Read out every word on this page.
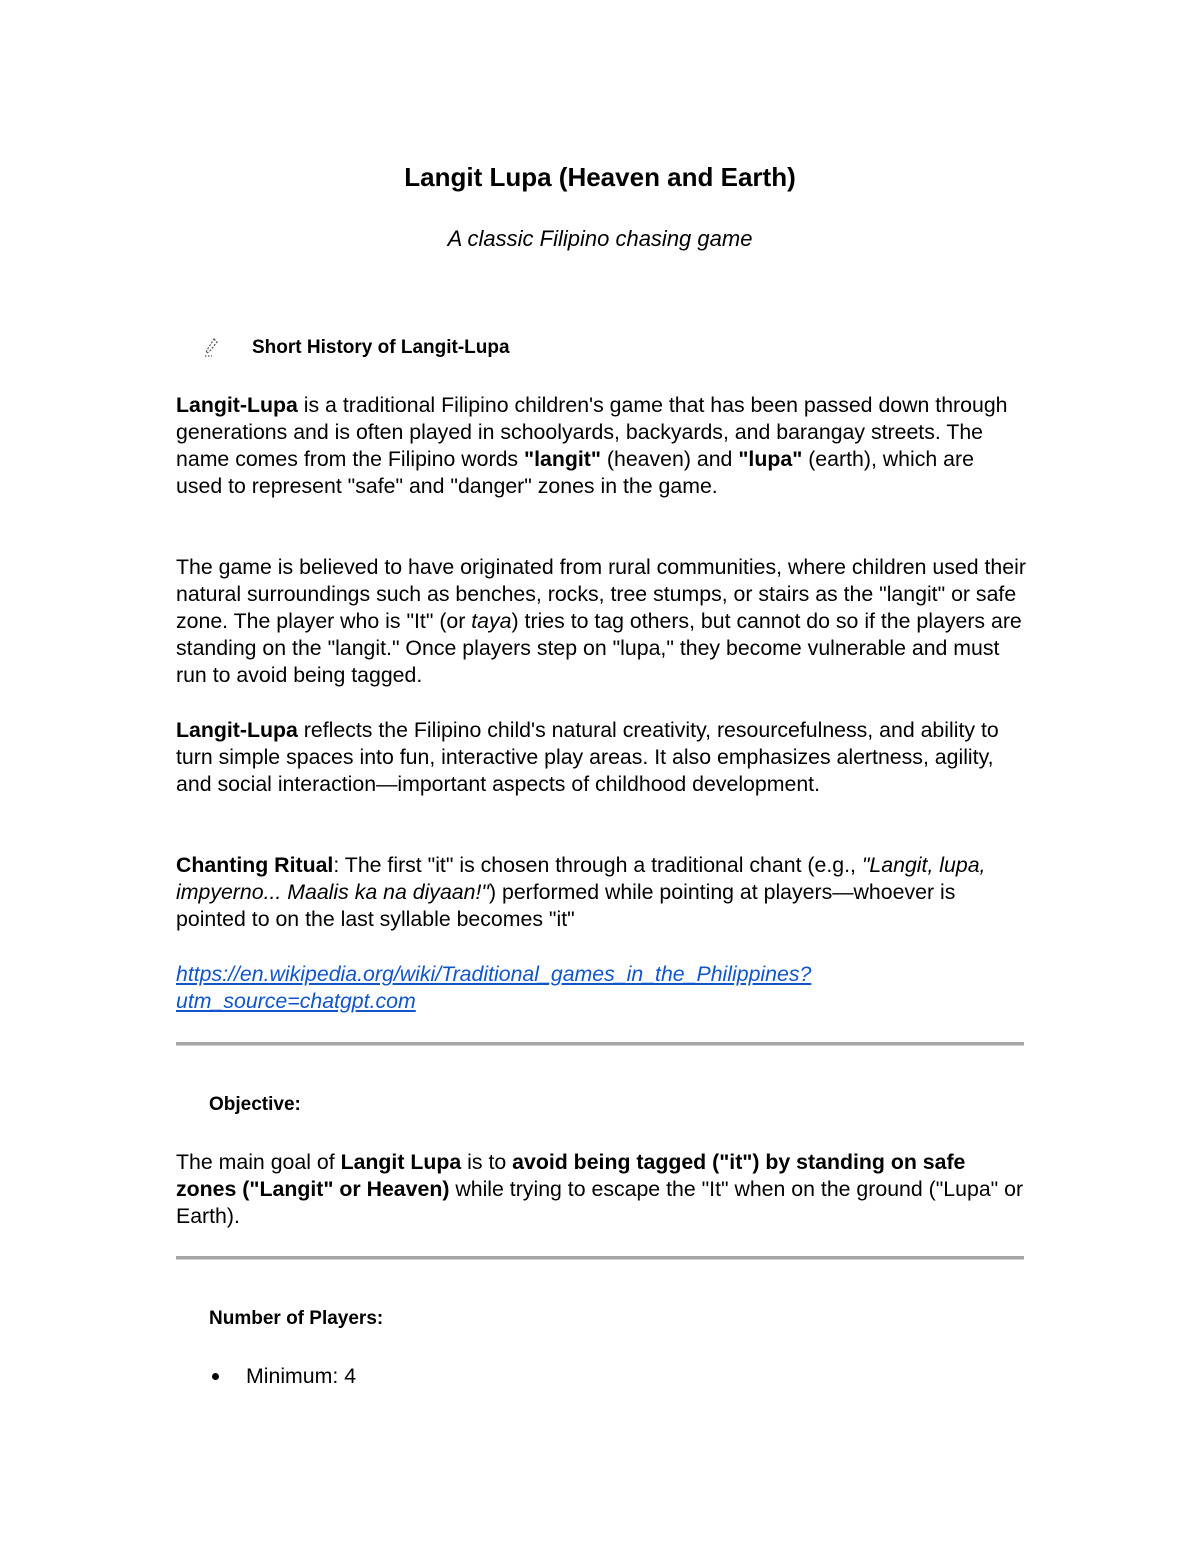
Langit Lupa (Heaven and Earth)

A classic Filipino chasing game

Short History of Langit-Lupa

Langit-Lupa is a traditional Filipino children's game that has been passed down through generations and is often played in schoolyards, backyards, and barangay streets. The name comes from the Filipino words "langit" (heaven) and "lupa" (earth), which are used to represent "safe" and "danger" zones in the game.

The game is believed to have originated from rural communities, where children used their natural surroundings such as benches, rocks, tree stumps, or stairs as the "langit" or safe zone. The player who is "It" (or taya) tries to tag others, but cannot do so if the players are standing on the "langit." Once players step on "lupa," they become vulnerable and must run to avoid being tagged.

Langit-Lupa reflects the Filipino child's natural creativity, resourcefulness, and ability to turn simple spaces into fun, interactive play areas. It also emphasizes alertness, agility, and social interaction—important aspects of childhood development.

Chanting Ritual: The first "it" is chosen through a traditional chant (e.g., "Langit, lupa, impyerno... Maalis ka na diyaan!") performed while pointing at players—whoever is pointed to on the last syllable becomes "it"

https://en.wikipedia.org/wiki/Traditional_games_in_the_Philippines?
utm_source=chatgpt.com

Objective:

The main goal of Langit Lupa is to avoid being tagged ("it") by standing on safe zones ("Langit" or Heaven) while trying to escape the "It" when on the ground ("Lupa" or Earth).

Number of Players:
Minimum: 4
